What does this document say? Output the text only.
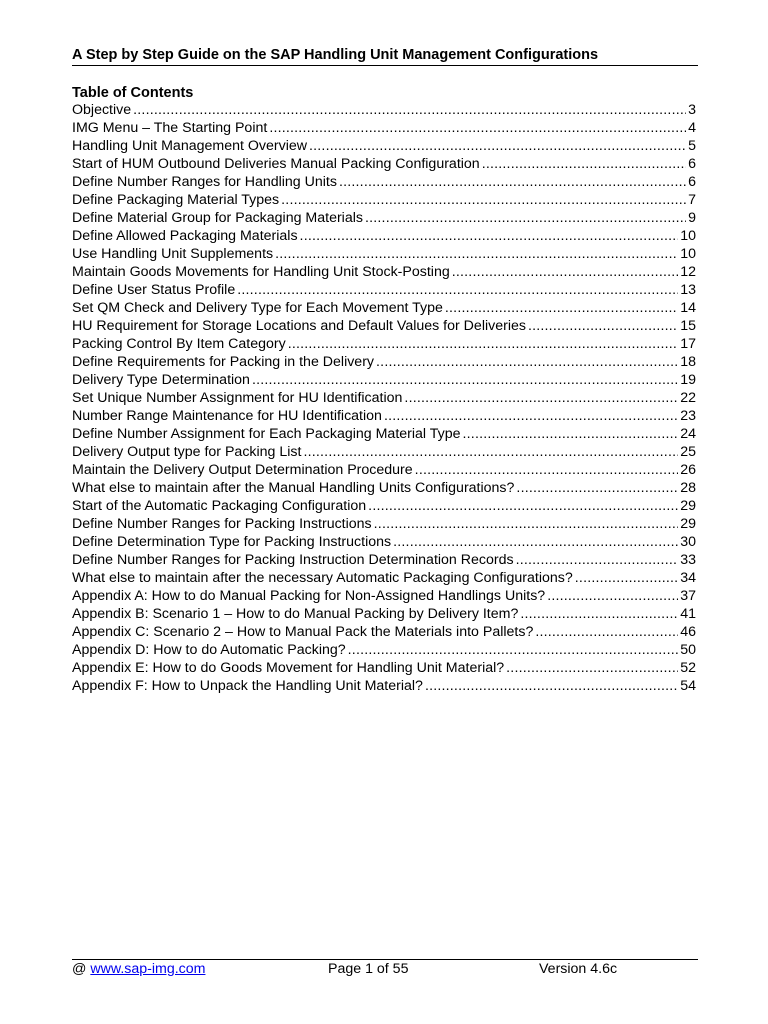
A Step by Step Guide on the SAP Handling Unit Management Configurations
Table of Contents
Objective .....	3
IMG Menu – The Starting Point .....	4
Handling Unit Management Overview .....	5
Start of HUM Outbound Deliveries Manual Packing Configuration .....	6
Define Number Ranges for Handling Units .....	6
Define Packaging Material Types .....	7
Define Material Group for Packaging Materials .....	9
Define Allowed Packaging Materials .....	10
Use Handling Unit Supplements .....	10
Maintain Goods Movements for Handling Unit Stock-Posting .....	12
Define User Status Profile .....	13
Set QM Check and Delivery Type for Each Movement Type .....	14
HU Requirement for Storage Locations and Default Values for Deliveries .....	15
Packing Control By Item Category .....	17
Define Requirements for Packing in the Delivery .....	18
Delivery Type Determination .....	19
Set Unique Number Assignment for HU Identification .....	22
Number Range Maintenance for HU Identification .....	23
Define Number Assignment for Each Packaging Material Type .....	24
Delivery Output type for Packing List .....	25
Maintain the Delivery Output Determination Procedure .....	26
What else to maintain after the Manual Handling Units Configurations? .....	28
Start of the Automatic Packaging Configuration .....	29
Define Number Ranges for Packing Instructions .....	29
Define Determination Type for Packing Instructions .....	30
Define Number Ranges for Packing Instruction Determination Records .....	33
What else to maintain after the necessary Automatic Packaging Configurations? .....	34
Appendix A: How to do Manual Packing for Non-Assigned Handlings Units? .....	37
Appendix B: Scenario 1 – How to do Manual Packing by Delivery Item? .....	41
Appendix C: Scenario 2 – How to Manual Pack the Materials into Pallets? .....	46
Appendix D: How to do Automatic Packing? .....	50
Appendix E: How to do Goods Movement for Handling Unit Material? .....	52
Appendix F: How to Unpack the Handling Unit Material? .....	54
@ www.sap-img.com	Page 1 of 55	Version 4.6c
